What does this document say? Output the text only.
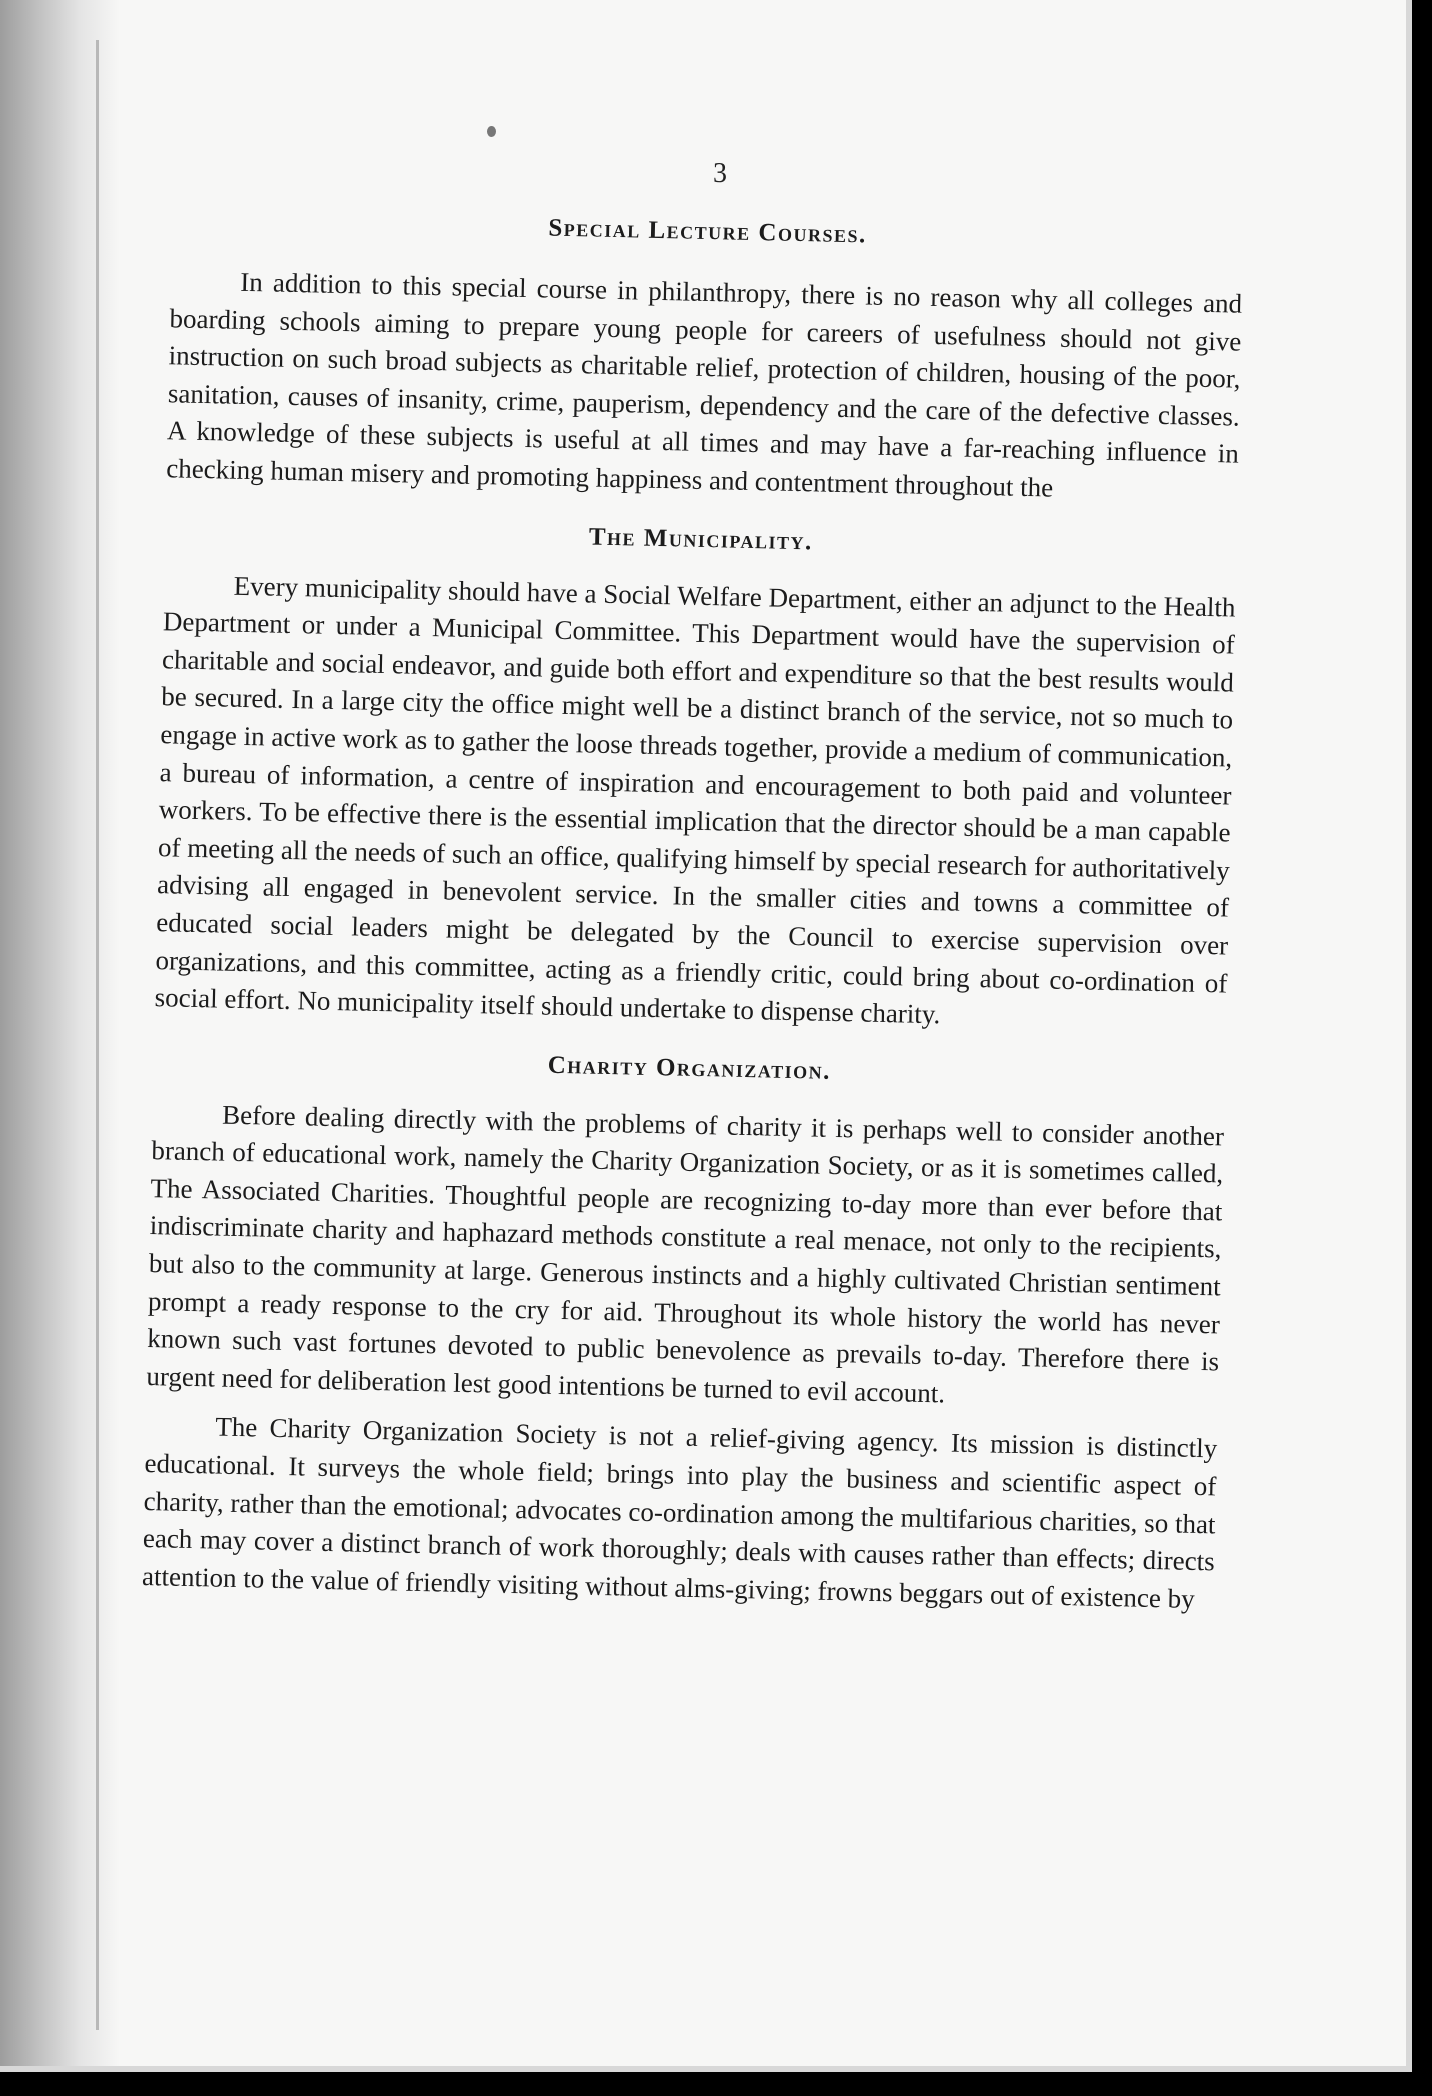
3
Special Lecture Courses.

In addition to this special course in philanthropy, there is no reason why all colleges and boarding schools aiming to prepare young people for careers of usefulness should not give instruction on such broad subjects as charitable relief, protection of children, housing of the poor, sanitation, causes of insanity, crime, pauperism, dependency and the care of the defective classes. A knowledge of these subjects is useful at all times and may have a far-reaching influence in checking human misery and promoting happiness and contentment throughout the

The Municipality.

Every municipality should have a Social Welfare Department, either an adjunct to the Health Department or under a Municipal Committee. This Department would have the supervision of charitable and social endeavor, and guide both effort and expenditure so that the best results would be secured. In a large city the office might well be a distinct branch of the service, not so much to engage in active work as to gather the loose threads together, provide a medium of communication, a bureau of information, a centre of inspiration and encouragement to both paid and volunteer workers. To be effective there is the essential implication that the director should be a man capable of meeting all the needs of such an office, qualifying himself by special research for authoritatively advising all engaged in benevolent service. In the smaller cities and towns a committee of educated social leaders might be delegated by the Council to exercise supervision over organizations, and this committee, acting as a friendly critic, could bring about co-ordination of social effort. No municipality itself should undertake to dispense charity.

Charity Organization.

Before dealing directly with the problems of charity it is perhaps well to consider another branch of educational work, namely the Charity Organization Society, or as it is sometimes called, The Associated Charities. Thoughtful people are recognizing to-day more than ever before that indiscriminate charity and haphazard methods constitute a real menace, not only to the recipients, but also to the community at large. Generous instincts and a highly cultivated Christian sentiment prompt a ready response to the cry for aid. Throughout its whole history the world has never known such vast fortunes devoted to public benevolence as prevails to-day. Therefore there is urgent need for deliberation lest good intentions be turned to evil account.

The Charity Organization Society is not a relief-giving agency. Its mission is distinctly educational. It surveys the whole field; brings into play the business and scientific aspect of charity, rather than the emotional; advocates co-ordination among the multifarious charities, so that each may cover a distinct branch of work thoroughly; deals with causes rather than effects; directs attention to the value of friendly visiting without alms-giving; frowns beggars out of existence by
